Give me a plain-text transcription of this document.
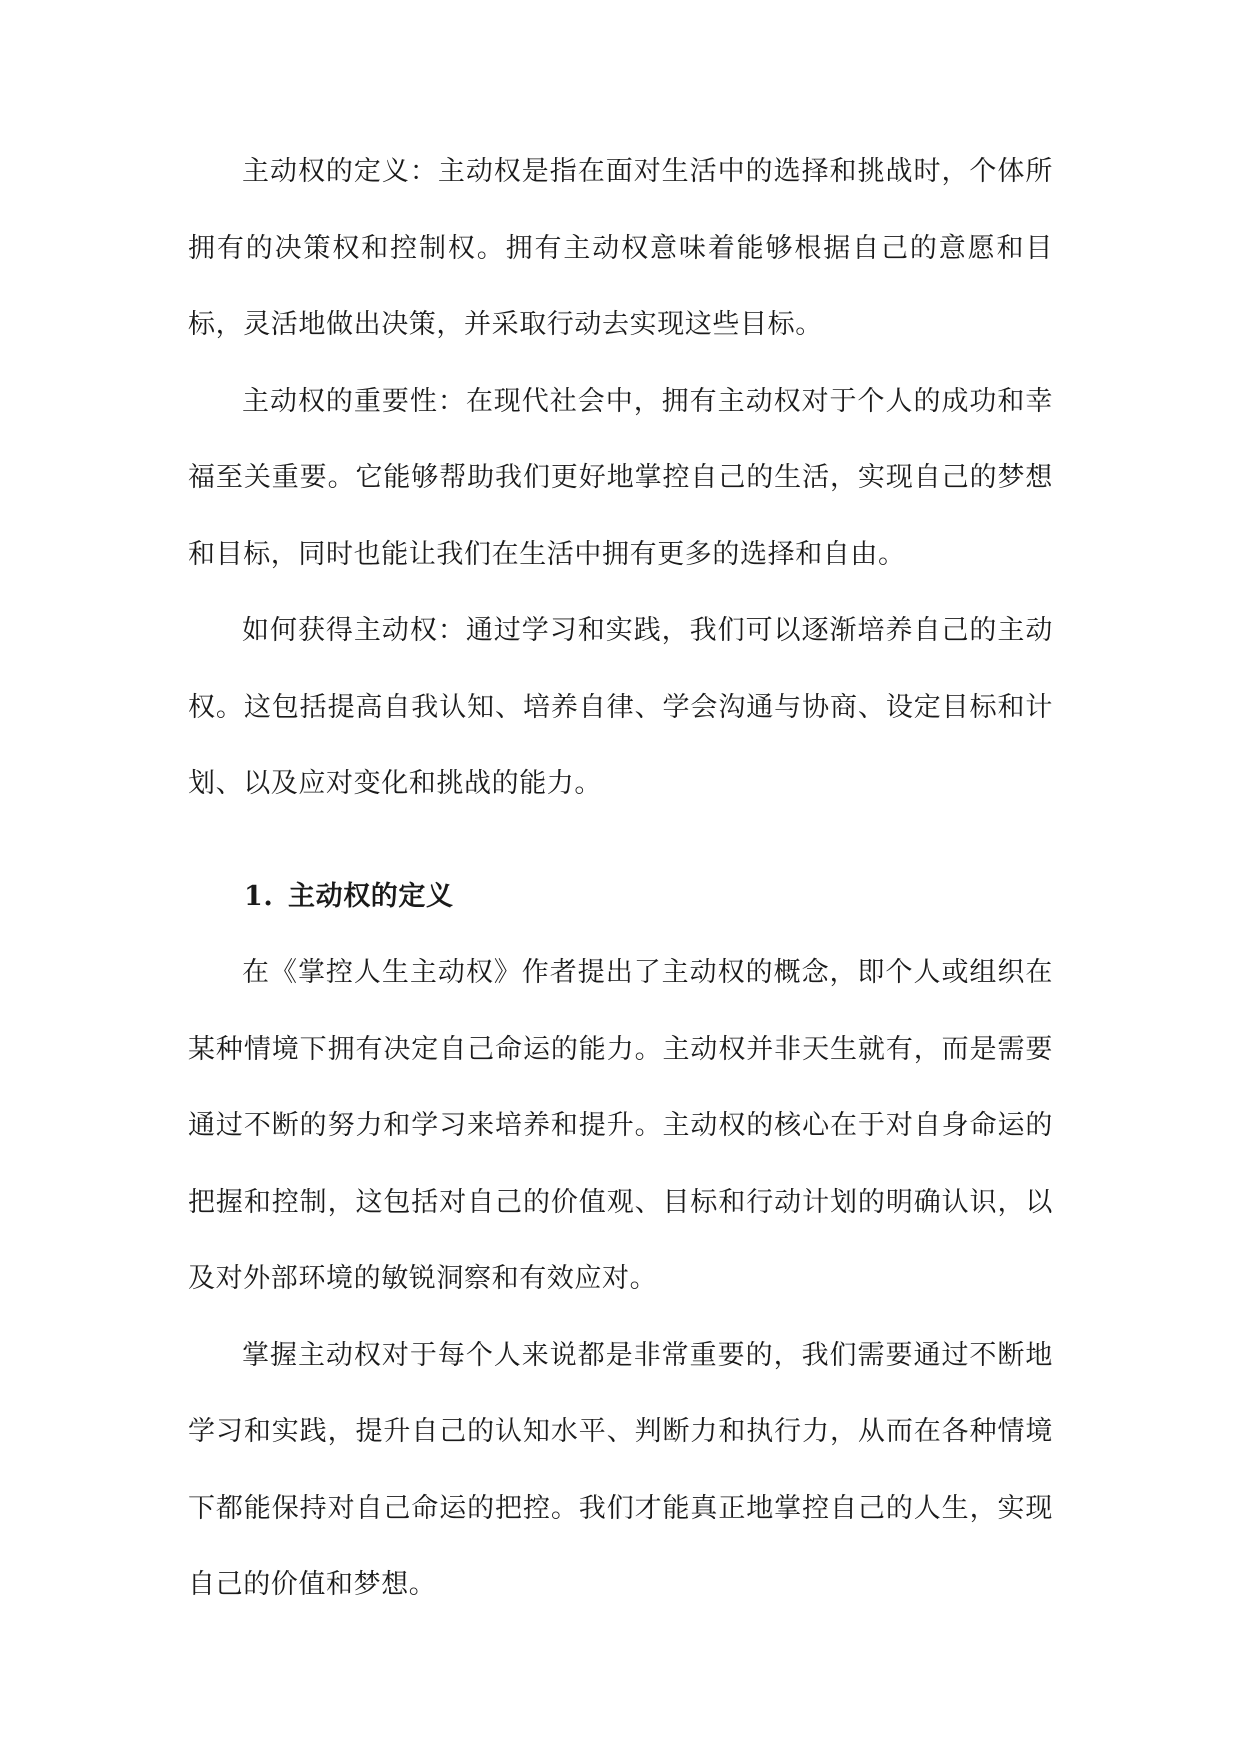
主动权的定义：主动权是指在面对生活中的选择和挑战时，个体所拥有的决策权和控制权。拥有主动权意味着能够根据自己的意愿和目标，灵活地做出决策，并采取行动去实现这些目标。

主动权的重要性：在现代社会中，拥有主动权对于个人的成功和幸福至关重要。它能够帮助我们更好地掌控自己的生活，实现自己的梦想和目标，同时也能让我们在生活中拥有更多的选择和自由。

如何获得主动权：通过学习和实践，我们可以逐渐培养自己的主动权。这包括提高自我认知、培养自律、学会沟通与协商、设定目标和计划、以及应对变化和挑战的能力。

1. 主动权的定义

在《掌控人生主动权》作者提出了主动权的概念，即个人或组织在某种情境下拥有决定自己命运的能力。主动权并非天生就有，而是需要通过不断的努力和学习来培养和提升。主动权的核心在于对自身命运的把握和控制，这包括对自己的价值观、目标和行动计划的明确认识，以及对外部环境的敏锐洞察和有效应对。

掌握主动权对于每个人来说都是非常重要的，我们需要通过不断地学习和实践，提升自己的认知水平、判断力和执行力，从而在各种情境下都能保持对自己命运的把控。我们才能真正地掌控自己的人生，实现自己的价值和梦想。
